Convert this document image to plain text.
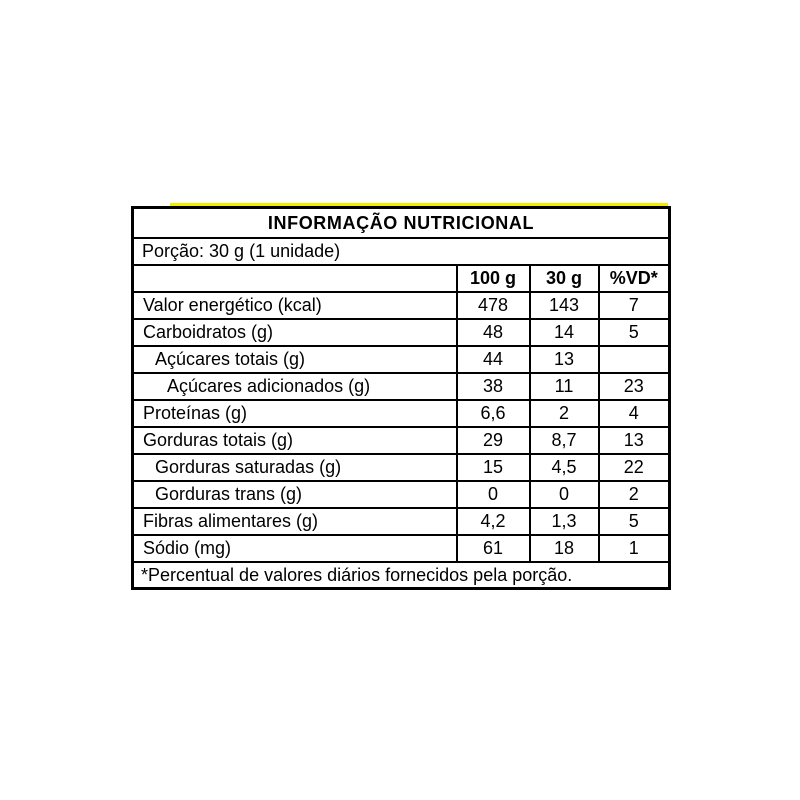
INFORMAÇÃO NUTRICIONAL			
Porção: 30 g (1 unidade)			
	100 g	30 g	%VD*
Valor energético (kcal)	478	143	7
Carboidratos (g)	48	14	5
Açúcares totais (g)	44	13	
Açúcares adicionados (g)	38	11	23
Proteínas (g)	6,6	2	4
Gorduras totais (g)	29	8,7	13
Gorduras saturadas (g)	15	4,5	22
Gorduras trans (g)	0	0	2
Fibras alimentares (g)	4,2	1,3	5
Sódio (mg)	61	18	1
*Percentual de valores diários fornecidos pela porção.			
